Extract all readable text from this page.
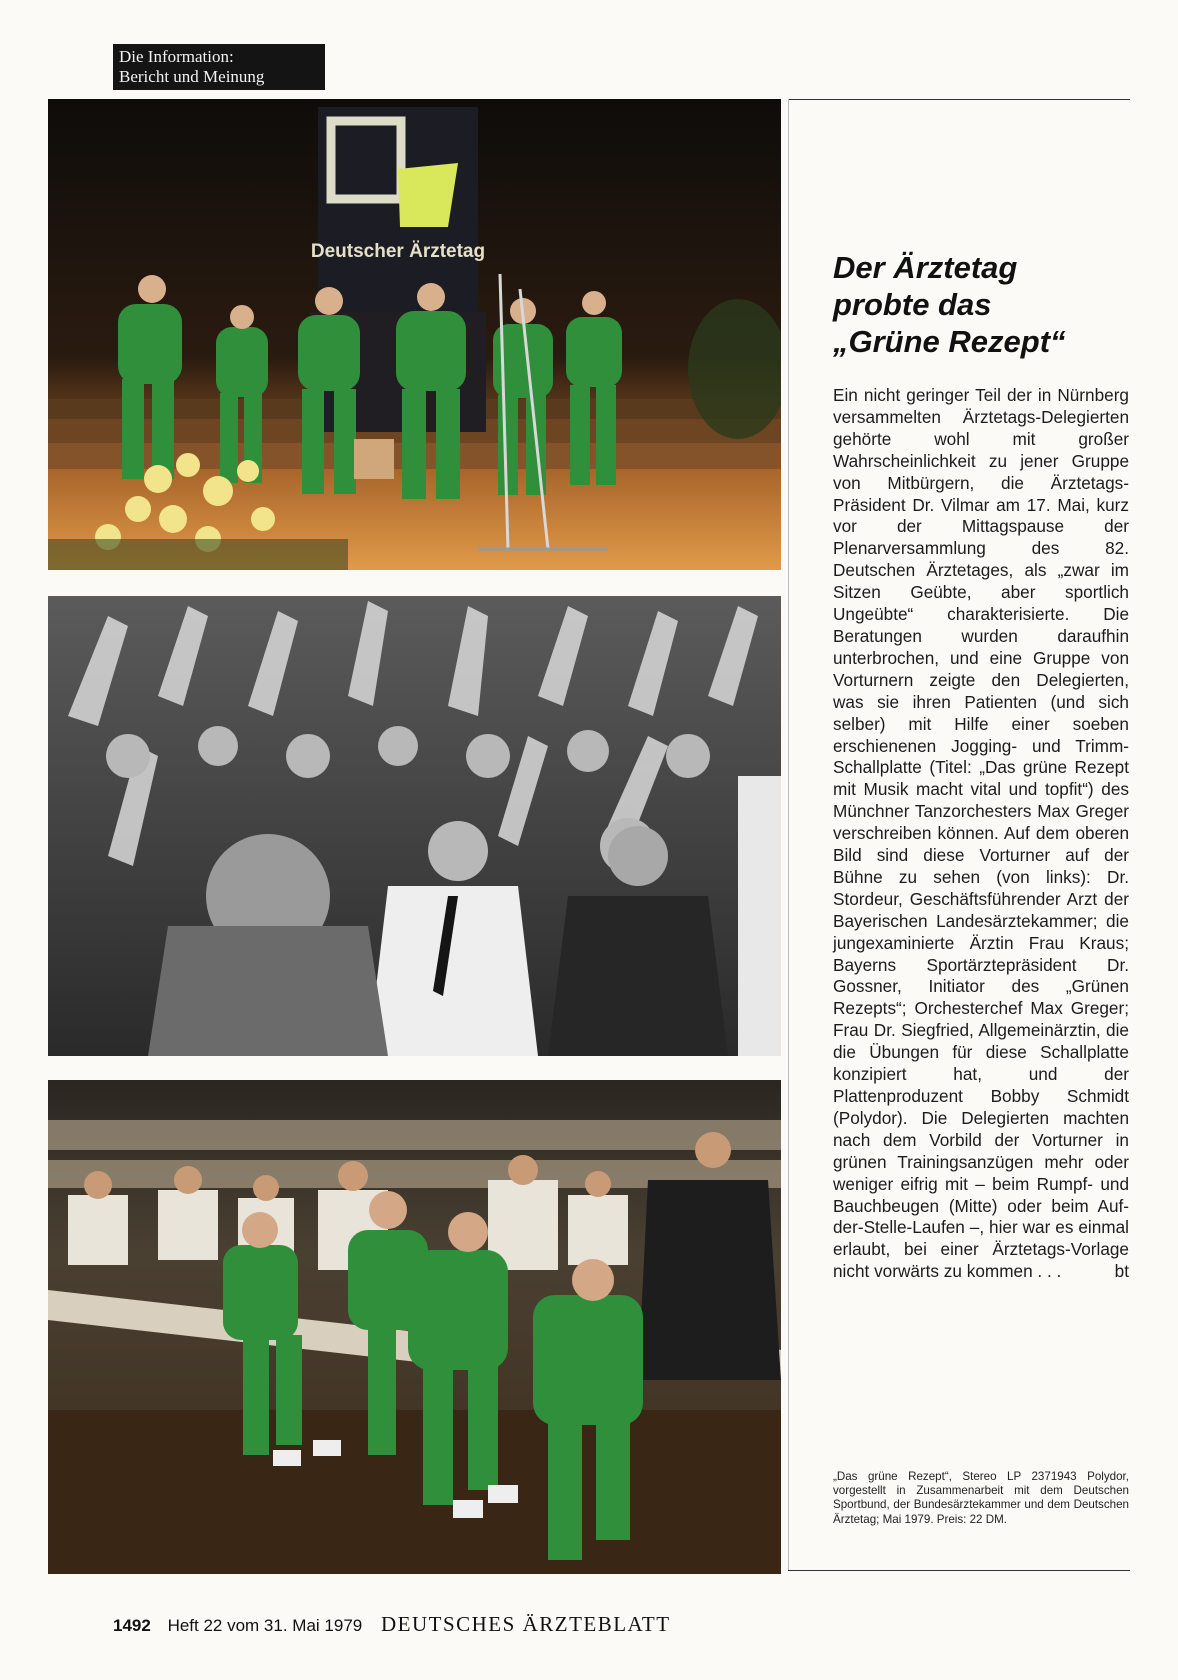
Die Information:
Bericht und Meinung
Deutscher Ärztetag	Der Ärztetag
probte das
„Grüne Rezept“

Ein nicht geringer Teil der in Nürnberg versammelten Ärztetags-Delegierten gehörte wohl mit großer Wahrscheinlichkeit zu jener Gruppe von Mitbürgern, die Ärztetags-Präsident Dr. Vilmar am 17. Mai, kurz vor der Mittagspause der Plenarversammlung des 82. Deutschen Ärztetages, als „zwar im Sitzen Geübte, aber sportlich Ungeübte“ charakterisierte. Die Beratungen wurden daraufhin unterbrochen, und eine Gruppe von Vorturnern zeigte den Delegierten, was sie ihren Patienten (und sich selber) mit Hilfe einer soeben erschienenen Jogging- und Trimm-Schallplatte (Titel: „Das grüne Rezept mit Musik macht vital und topfit“) des Münchner Tanzorchesters Max Greger verschreiben können. Auf dem oberen Bild sind diese Vorturner auf der Bühne zu sehen (von links): Dr. Stordeur, Geschäftsführender Arzt der Bayerischen Landesärztekammer; die jungexaminierte Ärztin Frau Kraus; Bayerns Sportärztepräsident Dr. Gossner, Initiator des „Grünen Rezepts“; Orchesterchef Max Greger; Frau Dr. Siegfried, Allgemeinärztin, die die Übungen für diese Schallplatte konzipiert hat, und der Plattenproduzent Bobby Schmidt (Polydor). Die Delegierten machten nach dem Vorbild der Vorturner in grünen Trainingsanzügen mehr oder weniger eifrig mit – beim Rumpf- und Bauchbeugen (Mitte) oder beim Auf-der-Stelle-Laufen –, hier war es einmal erlaubt, bei einer Ärztetags-Vorlage nicht vorwärts zu kommen . . .	bt

„Das grüne Rezept“, Stereo LP 2371943 Polydor, vorgestellt in Zusammenarbeit mit dem Deutschen Sportbund, der Bundesärztekammer und dem Deutschen Ärztetag; Mai 1979. Preis: 22 DM.

1492 Heft 22 vom 31. Mai 1979 DEUTSCHES ÄRZTEBLATT
